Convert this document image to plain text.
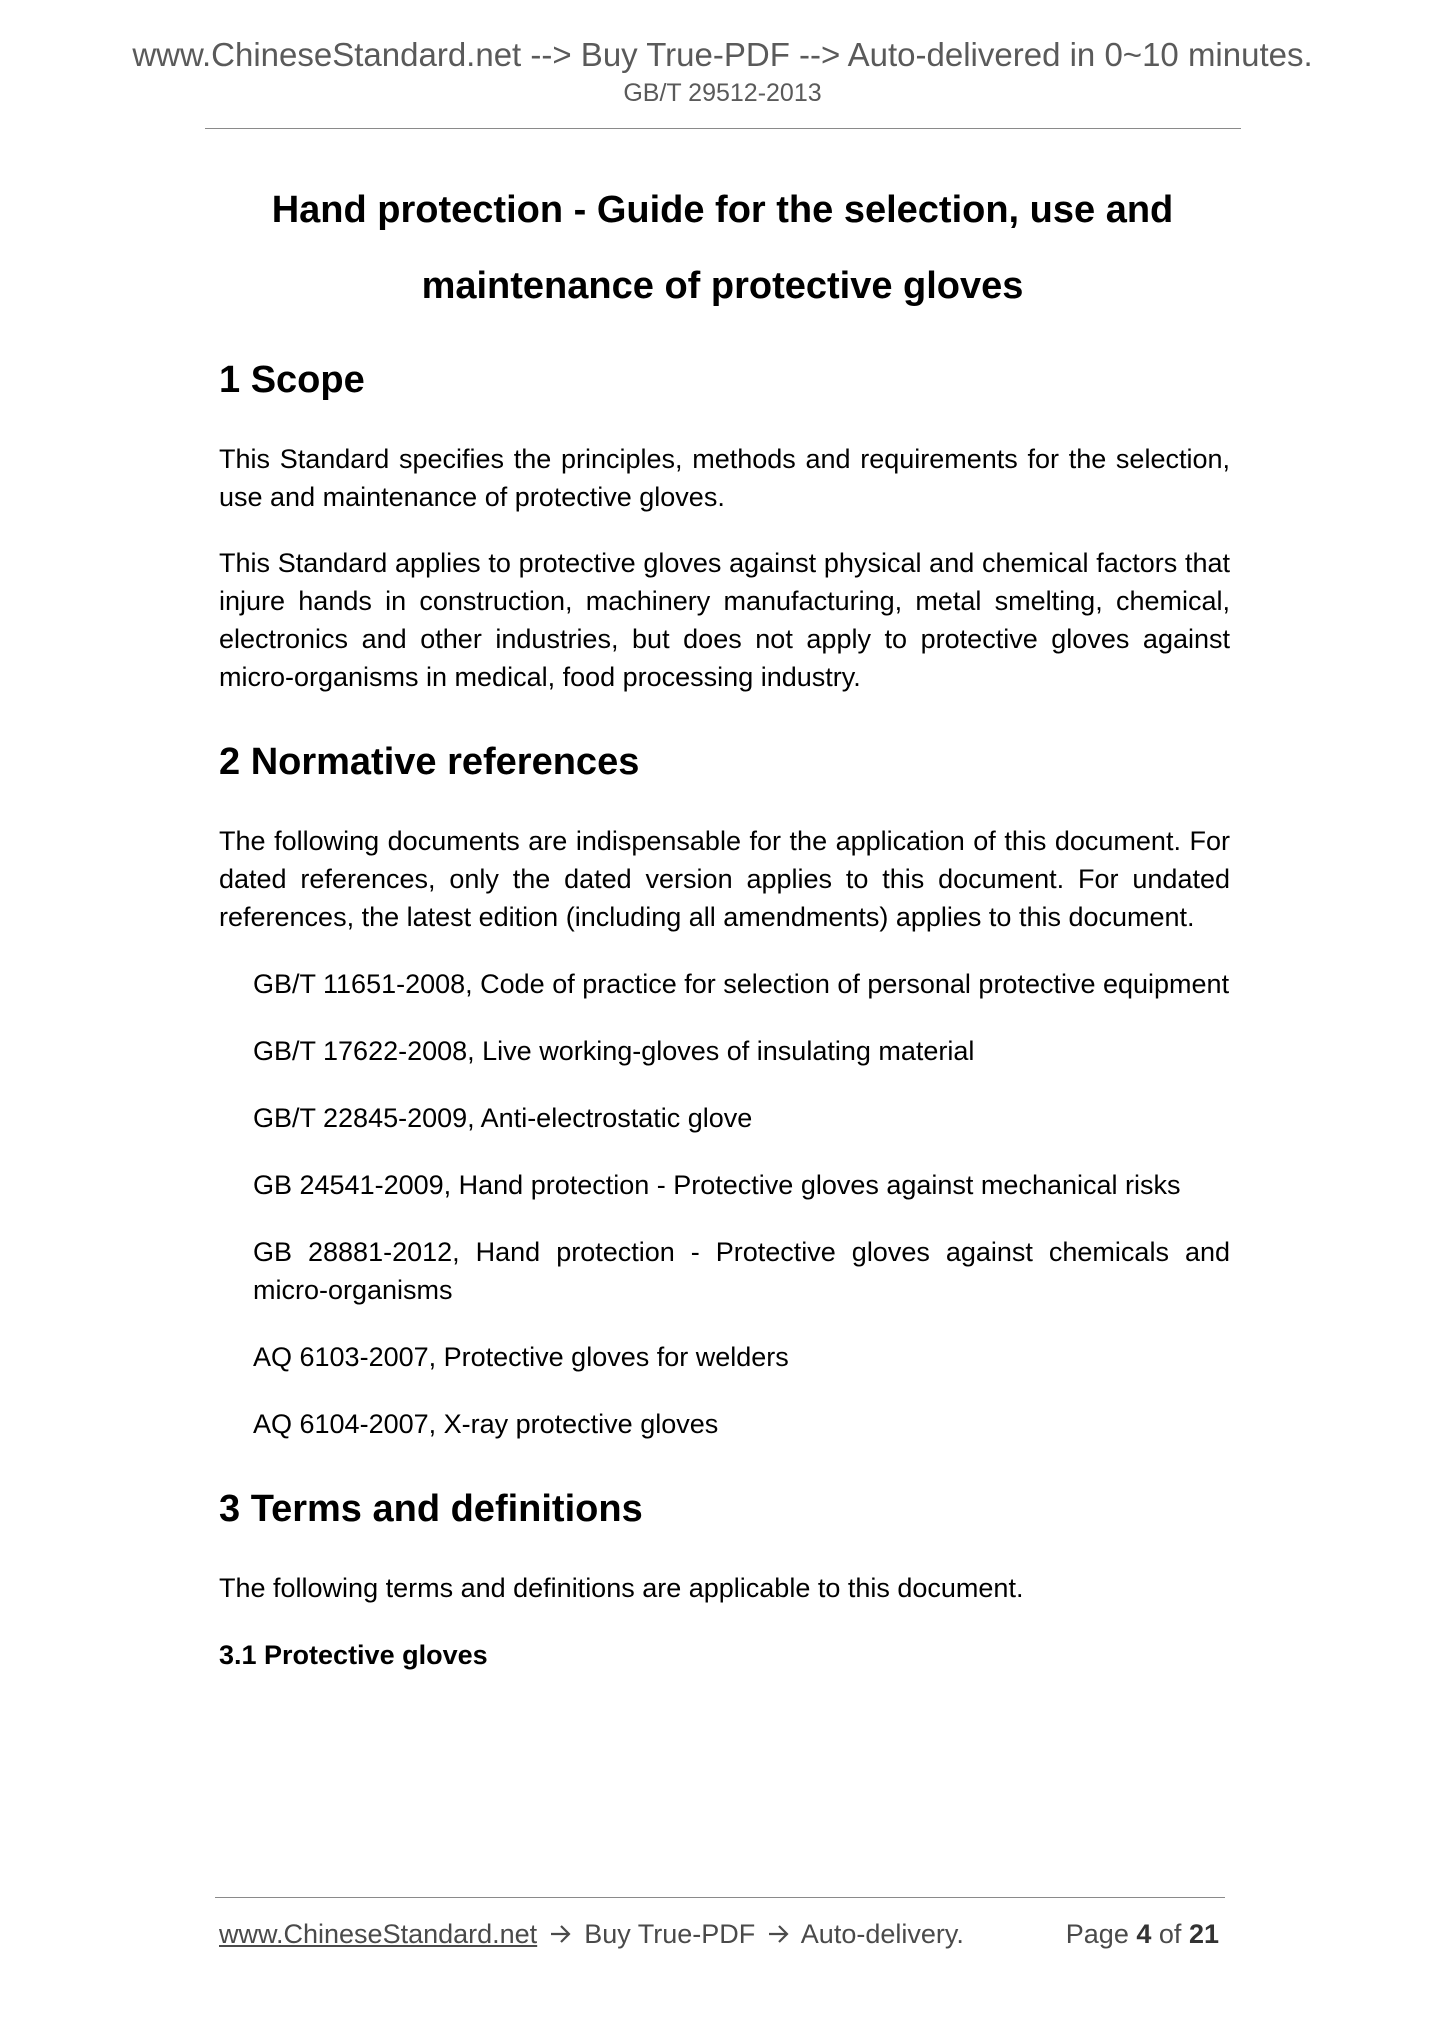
www.ChineseStandard.net --> Buy True-PDF --> Auto-delivered in 0~10 minutes.
GB/T 29512-2013
Hand protection - Guide for the selection, use and
maintenance of protective gloves
1 Scope

This Standard specifies the principles, methods and requirements for the selection, use and maintenance of protective gloves.

This Standard applies to protective gloves against physical and chemical factors that injure hands in construction, machinery manufacturing, metal smelting, chemical, electronics and other industries, but does not apply to protective gloves against micro-organisms in medical, food processing industry.

2 Normative references

The following documents are indispensable for the application of this document. For dated references, only the dated version applies to this document. For undated references, the latest edition (including all amendments) applies to this document.

GB/T 11651-2008, Code of practice for selection of personal protective equipment
GB/T 17622-2008, Live working-gloves of insulating material
GB/T 22845-2009, Anti-electrostatic glove
GB 24541-2009, Hand protection - Protective gloves against mechanical risks
GB 28881-2012, Hand protection - Protective gloves against chemicals and micro-organisms
AQ 6103-2007, Protective gloves for welders
AQ 6104-2007, X-ray protective gloves
3 Terms and definitions

The following terms and definitions are applicable to this document.

3.1 Protective gloves
www.ChineseStandard.net Buy True-PDF Auto-delivery.	Page 4 of 21
